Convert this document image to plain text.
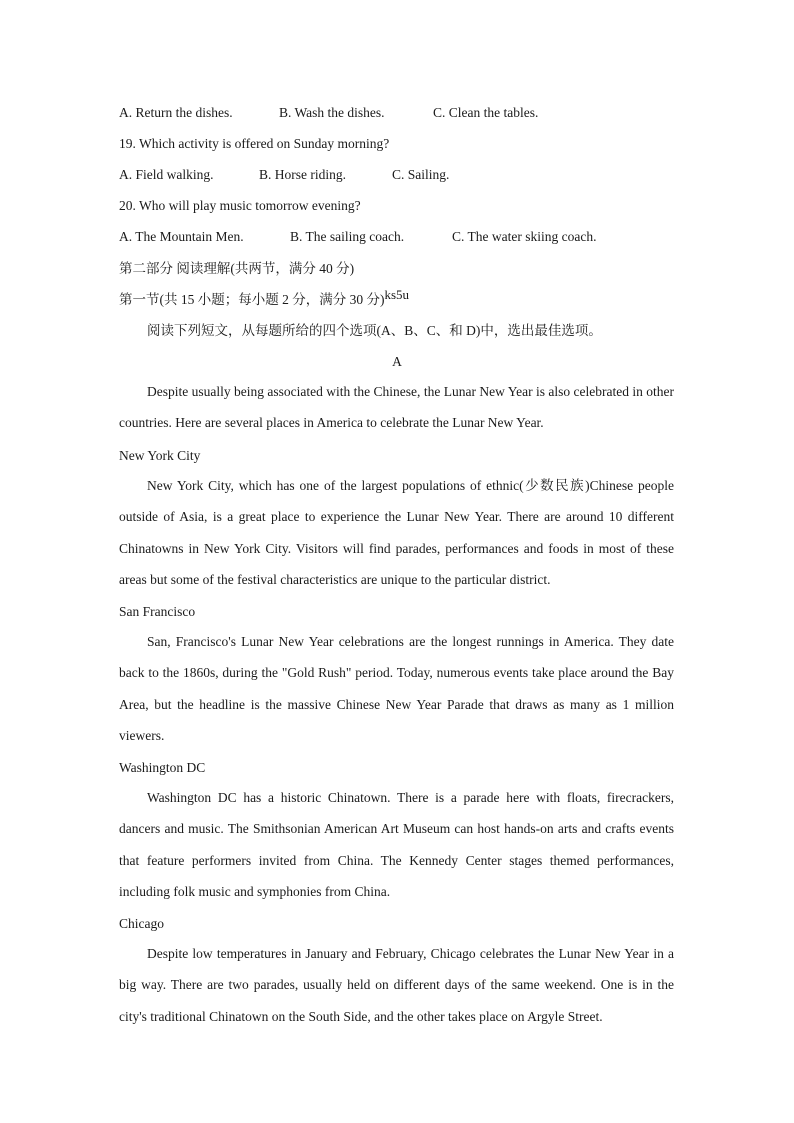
A. Return the dishes.	B. Wash the dishes.	C. Clean the tables.
19. Which activity is offered on Sunday morning?
A. Field walking.	B. Horse riding.	C. Sailing.
20. Who will play music tomorrow evening?
A. The Mountain Men.	B. The sailing coach.	C. The water skiing coach.
第二部分 阅读理解(共两节，满分 40 分)
第一节(共 15 小题；每小题 2 分，满分 30 分)ks5u
阅读下列短文，从每题所给的四个选项(A、B、C、和 D)中，选出最佳选项。
A
Despite usually being associated with the Chinese, the Lunar New Year is also celebrated in other countries. Here are several places in America to celebrate the Lunar New Year.
New York City
New York City, which has one of the largest populations of ethnic(少数民族)Chinese people outside of Asia, is a great place to experience the Lunar New Year. There are around 10 different Chinatowns in New York City. Visitors will find parades, performances and foods in most of these areas but some of the festival characteristics are unique to the particular district.
San Francisco
San, Francisco's Lunar New Year celebrations are the longest runnings in America. They date back to the 1860s, during the "Gold Rush" period. Today, numerous events take place around the Bay Area, but the headline is the massive Chinese New Year Parade that draws as many as 1 million viewers.
Washington DC
Washington DC has a historic Chinatown. There is a parade here with floats, firecrackers, dancers and music. The Smithsonian American Art Museum can host hands-on arts and crafts events that feature performers invited from China. The Kennedy Center stages themed performances, including folk music and symphonies from China.
Chicago
Despite low temperatures in January and February, Chicago celebrates the Lunar New Year in a big way. There are two parades, usually held on different days of the same weekend. One is in the city's traditional Chinatown on the South Side, and the other takes place on Argyle Street.
